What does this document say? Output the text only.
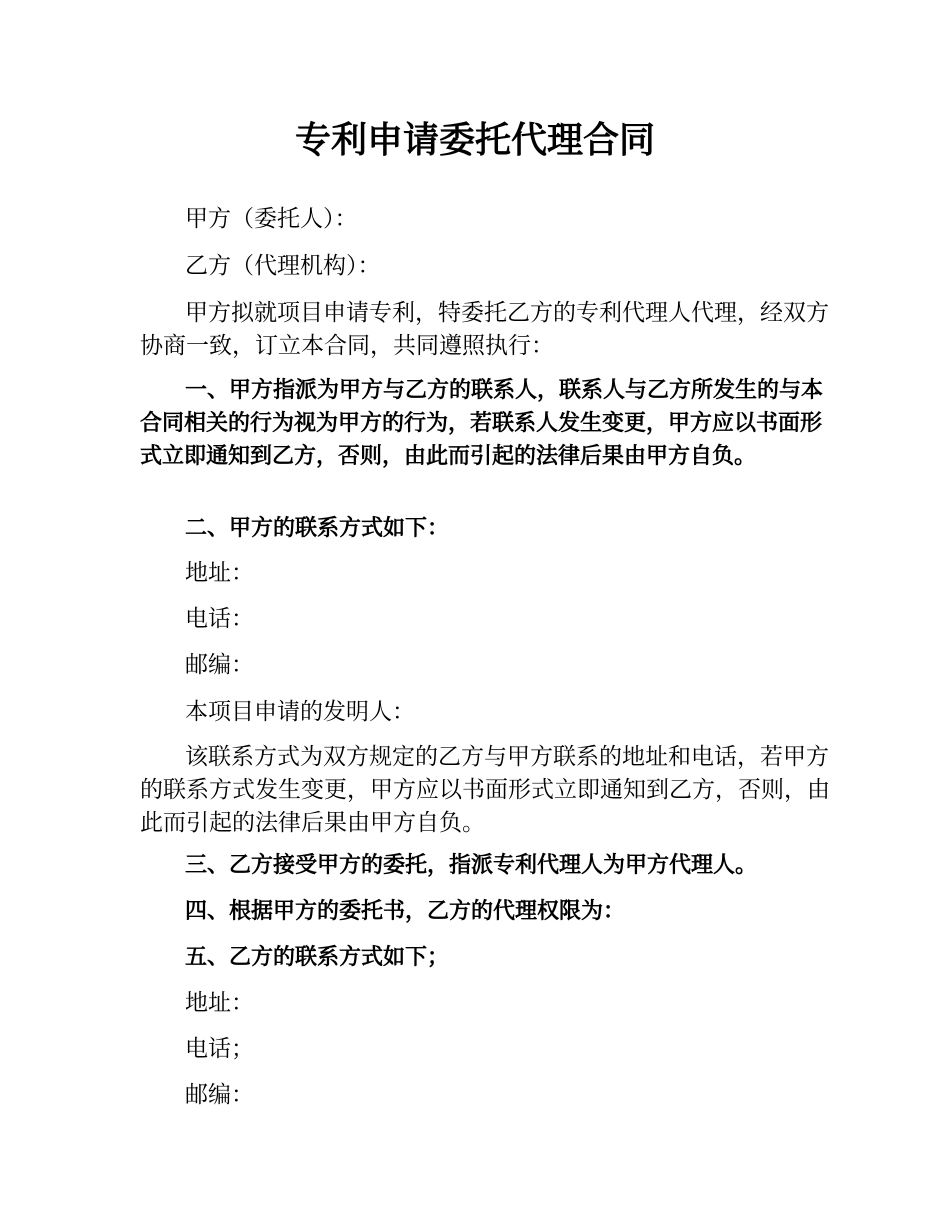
专利申请委托代理合同

甲方（委托人）：

乙方（代理机构）：

甲方拟就项目申请专利，特委托乙方的专利代理人代理，经双方协商一致，订立本合同，共同遵照执行：

一、甲方指派为甲方与乙方的联系人，联系人与乙方所发生的与本合同相关的行为视为甲方的行为，若联系人发生变更，甲方应以书面形式立即通知到乙方，否则，由此而引起的法律后果由甲方自负。

二、甲方的联系方式如下：

地址：

电话：

邮编：

本项目申请的发明人：

该联系方式为双方规定的乙方与甲方联系的地址和电话，若甲方的联系方式发生变更，甲方应以书面形式立即通知到乙方，否则，由此而引起的法律后果由甲方自负。

三、乙方接受甲方的委托，指派专利代理人为甲方代理人。

四、根据甲方的委托书，乙方的代理权限为：

五、乙方的联系方式如下；

地址：

电话；

邮编：
